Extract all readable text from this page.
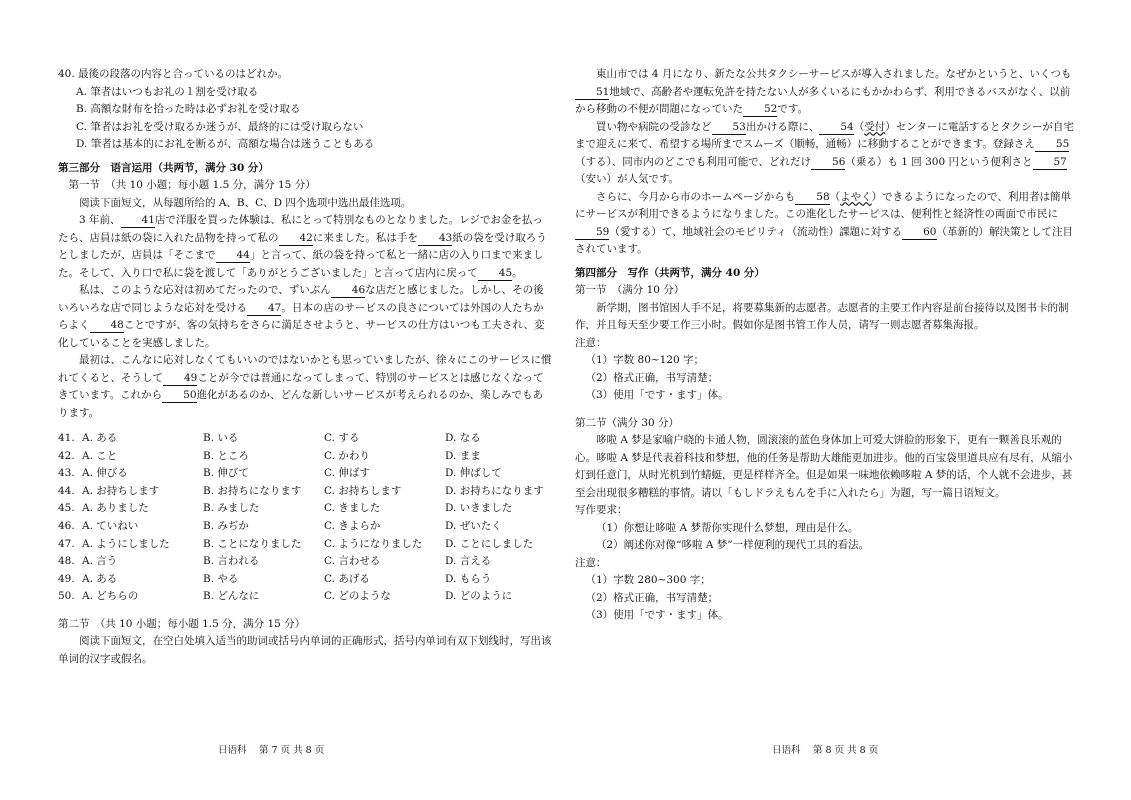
40. 最後の段落の内容と合っているのはどれか。

A. 筆者はいつもお礼の１割を受け取る

B. 高額な財布を拾った時は必ずお礼を受け取る

C. 筆者はお礼を受け取るか迷うが、最終的には受け取らない

D. 筆者は基本的にお礼を断るが、高額な場合は迷うこともある

第三部分　语言运用（共两节，满分 30 分）

第一节　（共 10 小题；每小题 1.5 分，满分 15 分）

阅读下面短文，从每题所给的 A、B、C、D 四个选项中选出最佳选项。

3 年前、 41店で洋服を買った体験は、私にとって特別なものとなりました。レジでお金を払ったら、店員は紙の袋に入れた品物を持って私の 42に来ました。私は手を 43紙の袋を受け取ろうとしましたが、店員は「そこまで 44」と言って、紙の袋を持って私と一緒に店の入り口まで来ました。そして、入り口で私に袋を渡して「ありがとうございました」と言って店内に戻って 45。

私は、このような応対は初めてだったので、ずいぶん 46な店だと感じました。しかし、その後いろいろな店で同じような応対を受ける 47。日本の店のサービスの良さについては外国の人たちからよく 48ことですが、客の気持ちをさらに満足させようと、サービスの仕方はいつも工夫され、変化していることを実感しました。

最初は、こんなに応対しなくてもいいのではないかとも思っていましたが、徐々にこのサービスに慣れてくると、そうして 49ことが今では普通になってしまって、特別のサービスとは感じなくなってきています。これから 50進化があるのか、どんな新しいサービスが考えられるのか、楽しみでもあります。

41.	A. ある	B. いる	C. する	D. なる
42.	A. こと	B. ところ	C. かわり	D. まま
43.	A. 伸びる	B. 伸びて	C. 伸ばす	D. 伸ばして
44.	A. お持ちします	B. お持ちになります	C. お持ちします	D. お持ちになります
45.	A. ありました	B. みました	C. きました	D. いきました
46.	A. ていねい	B. みぢか	C. きよらか	D. ぜいたく
47.	A. ようにしました	B. ことになりました	C. ようになりました	D. ことにしました
48.	A. 言う	B. 言われる	C. 言わせる	D. 言える
49.	A. ある	B. やる	C. あげる	D. もらう
50.	A. どちらの	B. どんなに	C. どのような	D. どのように

第二节　（共 10 小题；每小题 1.5 分，满分 15 分）

阅读下面短文，在空白处填入适当的助词或括号内单词的正确形式，括号内单词有双下划线时，写出该单词的汉字或假名。

日语科　 第 7 页 共 8 页

東山市では 4 月になり、新たな公共タクシーサービスが導入されました。なぜかというと、いくつも51地域で、高齢者や運転免許を持たない人が多くいるにもかかわらず、利用できるバスがなく、以前から移動の不便が問題になっていた 52です。

買い物や病院の受診など 53出かける際に、 54（受付）センターに電話するとタクシーが自宅まで迎えに来て、希望する場所までスムーズ（顺畅，通畅）に移動することができます。登録さえ 55（する）、同市内のどこでも利用可能で、どれだけ 56（乗る）も 1 回 300 円という便利さと 57（安い）が人気です。

さらに、今月から市のホームページからも 58（よやく）できるようになったので、利用者は簡単にサービスが利用できるようになりました。この進化したサービスは、便利性と経済性の両面で市民に59（愛する）て、地域社会のモビリティ（流动性）課題に対する 60（革新的）解決策として注目されています。

第四部分　写作（共两节，满分 40 分）

第一节　（满分 10 分）

新学期，图书馆因人手不足，将要募集新的志愿者。志愿者的主要工作内容是前台接待以及图书卡的制作，并且每天至少要工作三小时。假如你是图书管工作人员，请写一则志愿者募集海报。

注意：

（1）字数 80~120 字；

（2）格式正确，书写清楚；

（3）使用「です・ます」体。

第二节（满分 30 分）

哆啦 A 梦是家喻户晓的卡通人物，圆滚滚的蓝色身体加上可爱大饼脸的形象下，更有一颗善良乐观的心。哆啦 A 梦是代表着科技和梦想，他的任务是帮助大雄能更加进步。他的百宝袋里道具应有尽有，从缩小灯到任意门，从时光机到竹蜻蜓，更是样样齐全。但是如果一味地依赖哆啦 A 梦的话，个人就不会进步，甚至会出现很多糟糕的事情。请以「もしドラえもんを手に入れたら」为题，写一篇日语短文。

写作要求：

（1）你想让哆啦 A 梦帮你实现什么梦想，理由是什么。

（2）阐述你对像“哆啦 A 梦”一样便利的现代工具的看法。

注意：

（1）字数 280~300 字；

（2）格式正确，书写清楚；

（3）使用「です・ます」体。

日语科　 第 8 页 共 8 页
